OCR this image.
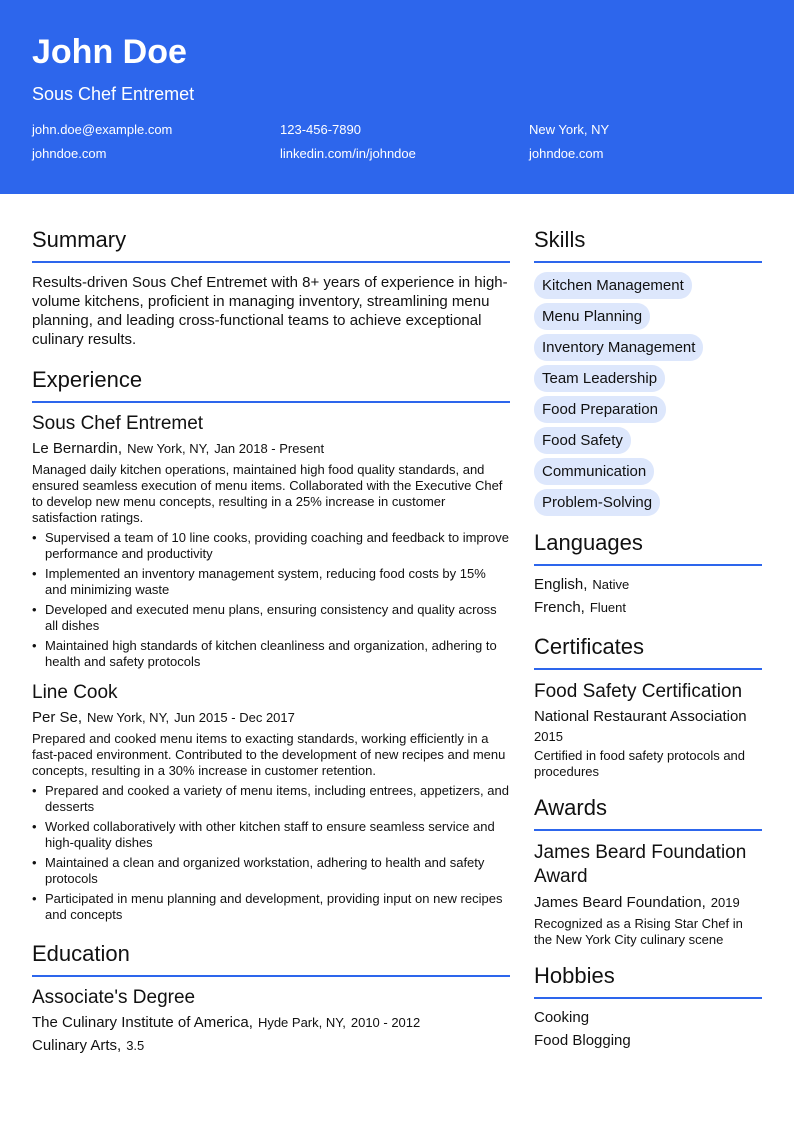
John Doe
Sous Chef Entremet
john.doe@example.com	123-456-7890	New York, NY
johndoe.com	linkedin.com/in/johndoe	johndoe.com
Summary
Results-driven Sous Chef Entremet with 8+ years of experience in high-volume kitchens, proficient in managing inventory, streamlining menu planning, and leading cross-functional teams to achieve exceptional culinary results.
Experience
Sous Chef Entremet
Le Bernardin, New York, NY, Jan 2018 - Present
Managed daily kitchen operations, maintained high food quality standards, and ensured seamless execution of menu items. Collaborated with the Executive Chef to develop new menu concepts, resulting in a 25% increase in customer satisfaction ratings.
• Supervised a team of 10 line cooks, providing coaching and feedback to improve performance and productivity
• Implemented an inventory management system, reducing food costs by 15% and minimizing waste
• Developed and executed menu plans, ensuring consistency and quality across all dishes
• Maintained high standards of kitchen cleanliness and organization, adhering to health and safety protocols
Line Cook
Per Se, New York, NY, Jun 2015 - Dec 2017
Prepared and cooked menu items to exacting standards, working efficiently in a fast-paced environment. Contributed to the development of new recipes and menu concepts, resulting in a 30% increase in customer retention.
• Prepared and cooked a variety of menu items, including entrees, appetizers, and desserts
• Worked collaboratively with other kitchen staff to ensure seamless service and high-quality dishes
• Maintained a clean and organized workstation, adhering to health and safety protocols
• Participated in menu planning and development, providing input on new recipes and concepts
Education
Associate's Degree
The Culinary Institute of America, Hyde Park, NY, 2010 - 2012
Culinary Arts, 3.5
Skills
Kitchen Management
Menu Planning
Inventory Management
Team Leadership
Food Preparation
Food Safety
Communication
Problem-Solving
Languages
English, Native
French, Fluent
Certificates
Food Safety Certification
National Restaurant Association
2015
Certified in food safety protocols and procedures
Awards
James Beard Foundation Award
James Beard Foundation, 2019
Recognized as a Rising Star Chef in the New York City culinary scene
Hobbies
Cooking
Food Blogging
